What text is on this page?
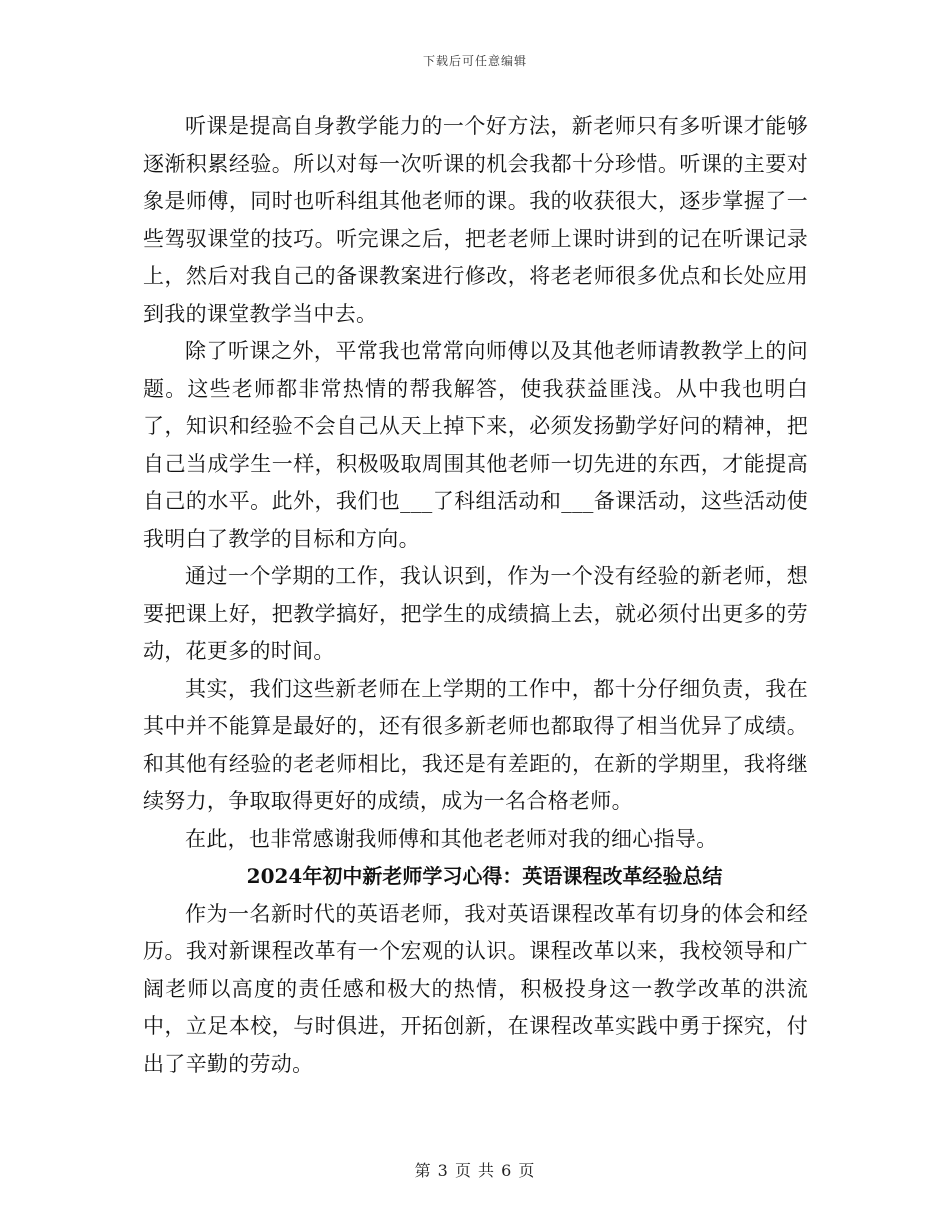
下载后可任意编辑

听课是提高自身教学能力的一个好方法，新老师只有多听课才能够逐渐积累经验。所以对每一次听课的机会我都十分珍惜。听课的主要对象是师傅，同时也听科组其他老师的课。我的收获很大，逐步掌握了一些驾驭课堂的技巧。听完课之后，把老老师上课时讲到的记在听课记录上，然后对我自己的备课教案进行修改，将老老师很多优点和长处应用到我的课堂教学当中去。

除了听课之外，平常我也常常向师傅以及其他老师请教教学上的问题。这些老师都非常热情的帮我解答，使我获益匪浅。从中我也明白了，知识和经验不会自己从天上掉下来，必须发扬勤学好问的精神，把自己当成学生一样，积极吸取周围其他老师一切先进的东西，才能提高自己的水平。此外，我们也___了科组活动和___备课活动，这些活动使我明白了教学的目标和方向。

通过一个学期的工作，我认识到，作为一个没有经验的新老师，想要把课上好，把教学搞好，把学生的成绩搞上去，就必须付出更多的劳动，花更多的时间。

其实，我们这些新老师在上学期的工作中，都十分仔细负责，我在其中并不能算是最好的，还有很多新老师也都取得了相当优异了成绩。和其他有经验的老老师相比，我还是有差距的，在新的学期里，我将继续努力，争取取得更好的成绩，成为一名合格老师。

在此，也非常感谢我师傅和其他老老师对我的细心指导。

2024年初中新老师学习心得：英语课程改革经验总结

作为一名新时代的英语老师，我对英语课程改革有切身的体会和经历。我对新课程改革有一个宏观的认识。课程改革以来，我校领导和广阔老师以高度的责任感和极大的热情，积极投身这一教学改革的洪流中，立足本校，与时俱进，开拓创新，在课程改革实践中勇于探究，付出了辛勤的劳动。

第 3 页 共 6 页
